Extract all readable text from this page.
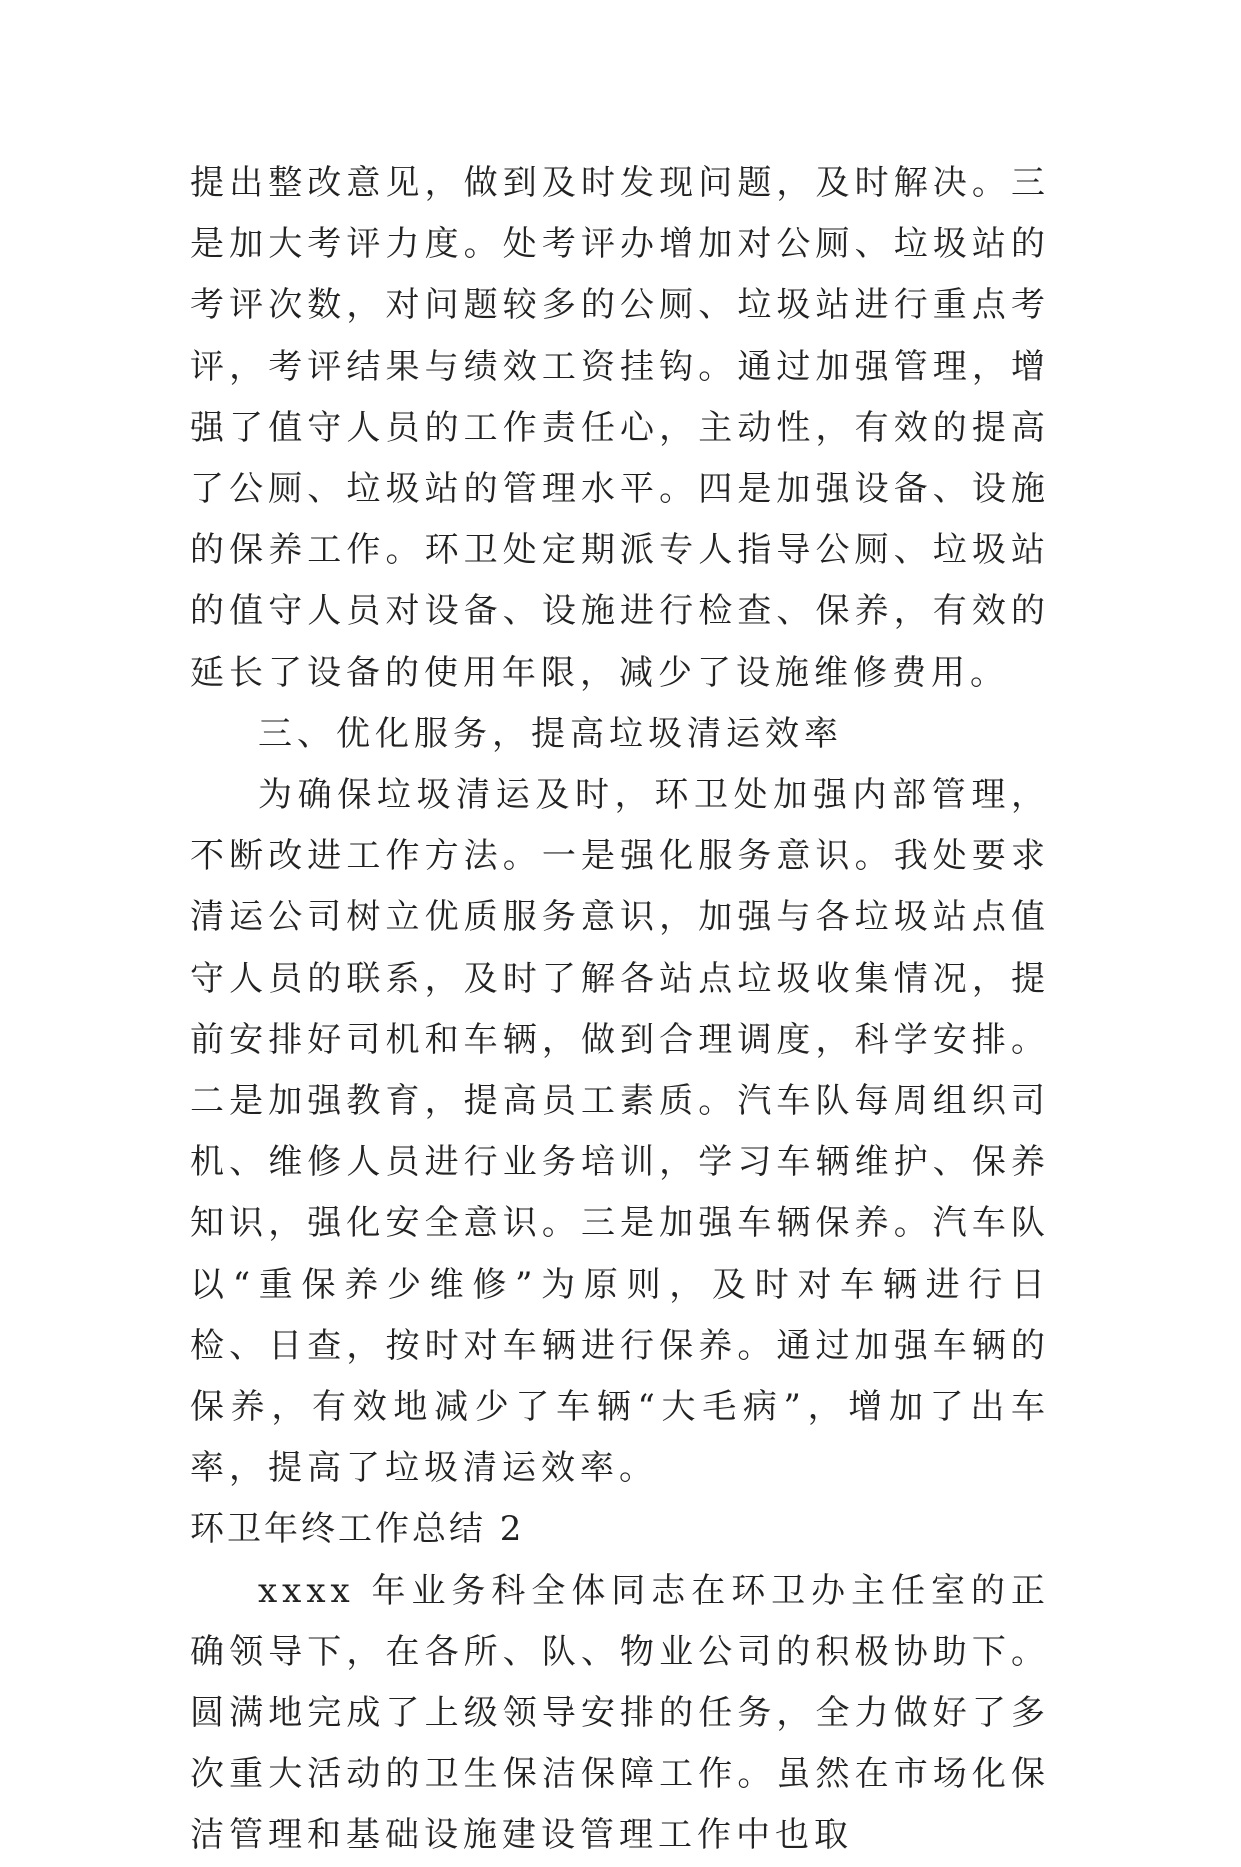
提出整改意见，做到及时发现问题，及时解决。三是加大考评力度。处考评办增加对公厕、垃圾站的考评次数，对问题较多的公厕、垃圾站进行重点考评，考评结果与绩效工资挂钩。通过加强管理，增强了值守人员的工作责任心，主动性，有效的提高了公厕、垃圾站的管理水平。四是加强设备、设施的保养工作。环卫处定期派专人指导公厕、垃圾站的值守人员对设备、设施进行检查、保养，有效的延长了设备的使用年限，减少了设施维修费用。

三、优化服务，提高垃圾清运效率

为确保垃圾清运及时，环卫处加强内部管理，不断改进工作方法。一是强化服务意识。我处要求清运公司树立优质服务意识，加强与各垃圾站点值守人员的联系，及时了解各站点垃圾收集情况，提前安排好司机和车辆，做到合理调度，科学安排。二是加强教育，提高员工素质。汽车队每周组织司机、维修人员进行业务培训，学习车辆维护、保养知识，强化安全意识。三是加强车辆保养。汽车队以“重保养少维修”为原则，及时对车辆进行日检、日查，按时对车辆进行保养。通过加强车辆的保养，有效地减少了车辆“大毛病”，增加了出车率，提高了垃圾清运效率。

环卫年终工作总结 2

xxxx 年业务科全体同志在环卫办主任室的正确领导下，在各所、队、物业公司的积极协助下。圆满地完成了上级领导安排的任务，全力做好了多次重大活动的卫生保洁保障工作。虽然在市场化保洁管理和基础设施建设管理工作中也取
